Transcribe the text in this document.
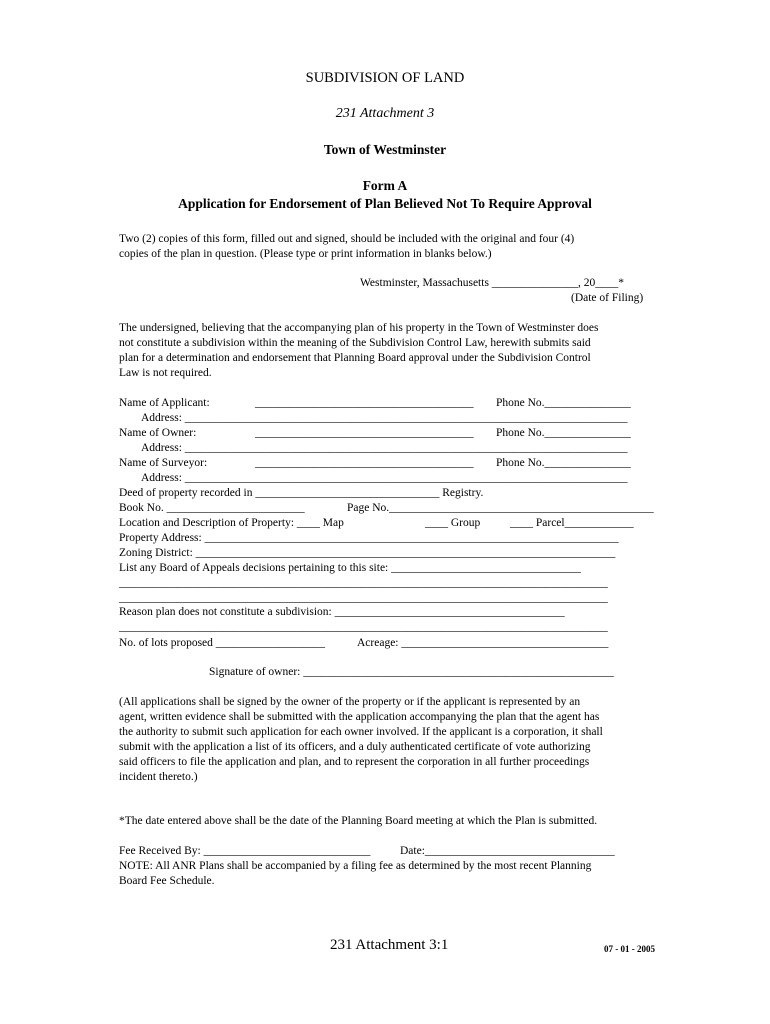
SUBDIVISION OF LAND
231 Attachment 3
Town of Westminster
Form A
Application for Endorsement of Plan Believed Not To Require Approval
Two (2) copies of this form, filled out and signed, should be included with the original and four (4)
copies of the plan in question. (Please type or print information in blanks below.)
Westminster, Massachusetts _______________, 20____*
(Date of Filing)
The undersigned, believing that the accompanying plan of his property in the Town of Westminster does
not constitute a subdivision within the meaning of the Subdivision Control Law, herewith submits said
plan for a determination and endorsement that Planning Board approval under the Subdivision Control
Law is not required.
Name of Applicant:	______________________________________ Phone No._______________
Address: _____________________________________________________________________________
Name of Owner:	______________________________________ Phone No._______________
Address: _____________________________________________________________________________
Name of Surveyor:	______________________________________ Phone No._______________
Address: _____________________________________________________________________________
Deed of property recorded in ________________________________ Registry.
Book No. ________________________	Page No.______________________________________________
Location and Description of Property: ____ Map	____ Group	____ Parcel____________
Property Address: ________________________________________________________________________
Zoning District: _________________________________________________________________________
List any Board of Appeals decisions pertaining to this site: _________________________________
_____________________________________________________________________________________
_____________________________________________________________________________________
Reason plan does not constitute a subdivision: ________________________________________
_____________________________________________________________________________________
No. of lots proposed ___________________	Acreage: ____________________________________
Signature of owner: ______________________________________________________
(All applications shall be signed by the owner of the property or if the applicant is represented by an
agent, written evidence shall be submitted with the application accompanying the plan that the agent has
the authority to submit such application for each owner involved. If the applicant is a corporation, it shall
submit with the application a list of its officers, and a duly authenticated certificate of vote authorizing
said officers to file the application and plan, and to represent the corporation in all further proceedings
incident thereto.)
*The date entered above shall be the date of the Planning Board meeting at which the Plan is submitted.
Fee Received By: _____________________________	Date:_________________________________
NOTE: All ANR Plans shall be accompanied by a filing fee as determined by the most recent Planning
Board Fee Schedule.
231 Attachment 3:1	07 - 01 - 2005
